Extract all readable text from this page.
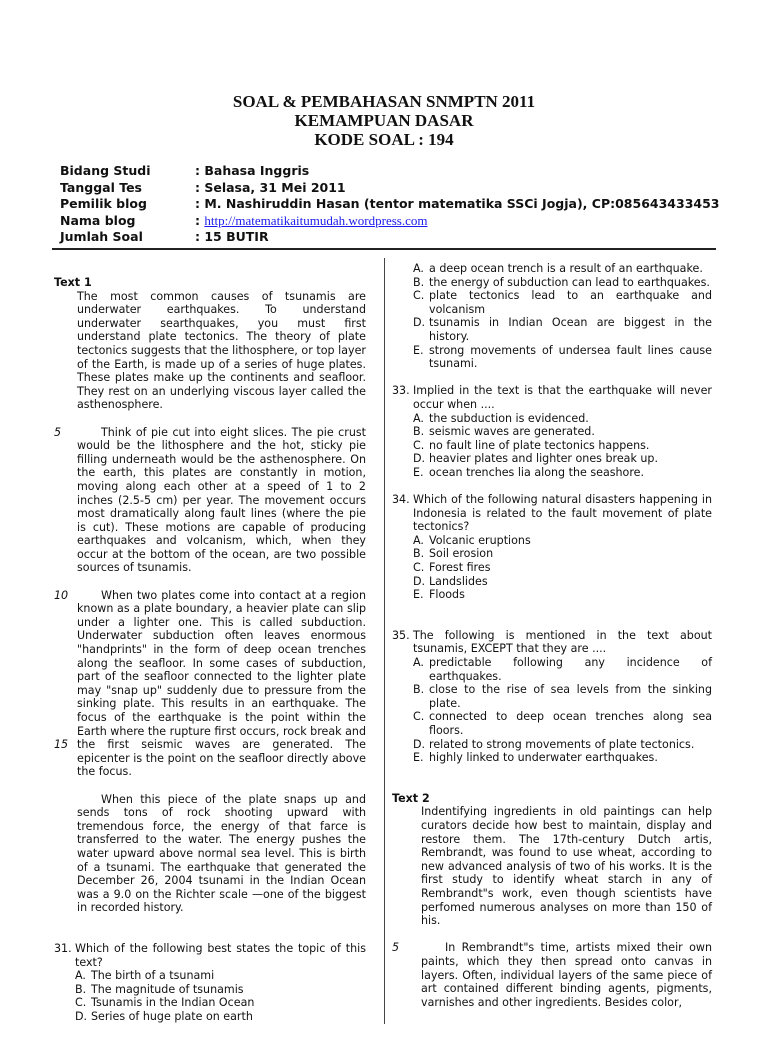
SOAL & PEMBAHASAN SNMPTN 2011
KEMAMPUAN DASAR
KODE SOAL : 194
Bidang Studi	: Bahasa Inggris
Tanggal Tes	: Selasa, 31 Mei 2011
Pemilik blog	: M. Nashiruddin Hasan (tentor matematika SSCi Jogja), CP:085643433453
Nama blog	: http://matematikaitumudah.wordpress.com
Jumlah Soal	: 15 BUTIR
Text 1
The most common causes of tsunamis are underwater earthquakes. To understand underwater searthquakes, you must first understand plate tectonics. The theory of plate tectonics suggests that the lithosphere, or top layer of the Earth, is made up of a series of huge plates. These plates make up the continents and seafloor. They rest on an underlying viscous layer called the asthenosphere.
5	Think of pie cut into eight slices. The pie crust would be the lithosphere and the hot, sticky pie filling underneath would be the asthenosphere. On the earth, this plates are constantly in motion, moving along each other at a speed of 1 to 2 inches (2.5-5 cm) per year. The movement occurs most dramatically along fault lines (where the pie is cut). These motions are capable of producing earthquakes and volcanism, which, when they occur at the bottom of the ocean, are two possible sources of tsunamis.
10	When two plates come into contact at a region known as a plate boundary, a heavier plate can slip under a lighter one. This is called subduction. Underwater subduction often leaves enormous "handprints" in the form of deep ocean trenches along the seafloor. In some cases of subduction, part of the seafloor connected to the lighter plate may "snap up" suddenly due to pressure from the sinking plate. This results in an earthquake. The focus of the earthquake is the point within the Earth where the rupture first occurs, rock break and the first seismic waves are generated. The epicenter is the point on the seafloor directly above the focus.
15
When this piece of the plate snaps up and sends tons of rock shooting upward with tremendous force, the energy of that farce is transferred to the water. The energy pushes the water upward above normal sea level. This is birth of a tsunami. The earthquake that generated the December 26, 2004 tsunami in the Indian Ocean was a 9.0 on the Richter scale —one of the biggest in recorded history.
31. Which of the following best states the topic of this text?
A. The birth of a tsunami
B. The magnitude of tsunamis
C. Tsunamis in the Indian Ocean
D. Series of huge plate on earth
A. a deep ocean trench is a result of an earthquake.
B. the energy of subduction can lead to earthquakes.
C. plate tectonics lead to an earthquake and volcanism
D. tsunamis in Indian Ocean are biggest in the history.
E. strong movements of undersea fault lines cause tsunami.
33. Implied in the text is that the earthquake will never occur when ....
A. the subduction is evidenced.
B. seismic waves are generated.
C. no fault line of plate tectonics happens.
D. heavier plates and lighter ones break up.
E. ocean trenches lia along the seashore.
34. Which of the following natural disasters happening in Indonesia is related to the fault movement of plate tectonics?
A. Volcanic eruptions
B. Soil erosion
C. Forest fires
D. Landslides
E. Floods
35. The following is mentioned in the text about tsunamis, EXCEPT that they are ....
A. predictable following any incidence of earthquakes.
B. close to the rise of sea levels from the sinking plate.
C. connected to deep ocean trenches along sea floors.
D. related to strong movements of plate tectonics.
E. highly linked to underwater earthquakes.
Text 2
Indentifying ingredients in old paintings can help curators decide how best to maintain, display and restore them. The 17th-century Dutch artis, Rembrandt, was found to use wheat, according to new advanced analysis of two of his works. It is the first study to identify wheat starch in any of Rembrandt"s work, even though scientists have perfomed numerous analyses on more than 150 of his.
5	In Rembrandt"s time, artists mixed their own paints, which they then spread onto canvas in layers. Often, individual layers of the same piece of art contained different binding agents, pigments, varnishes and other ingredients. Besides color,
